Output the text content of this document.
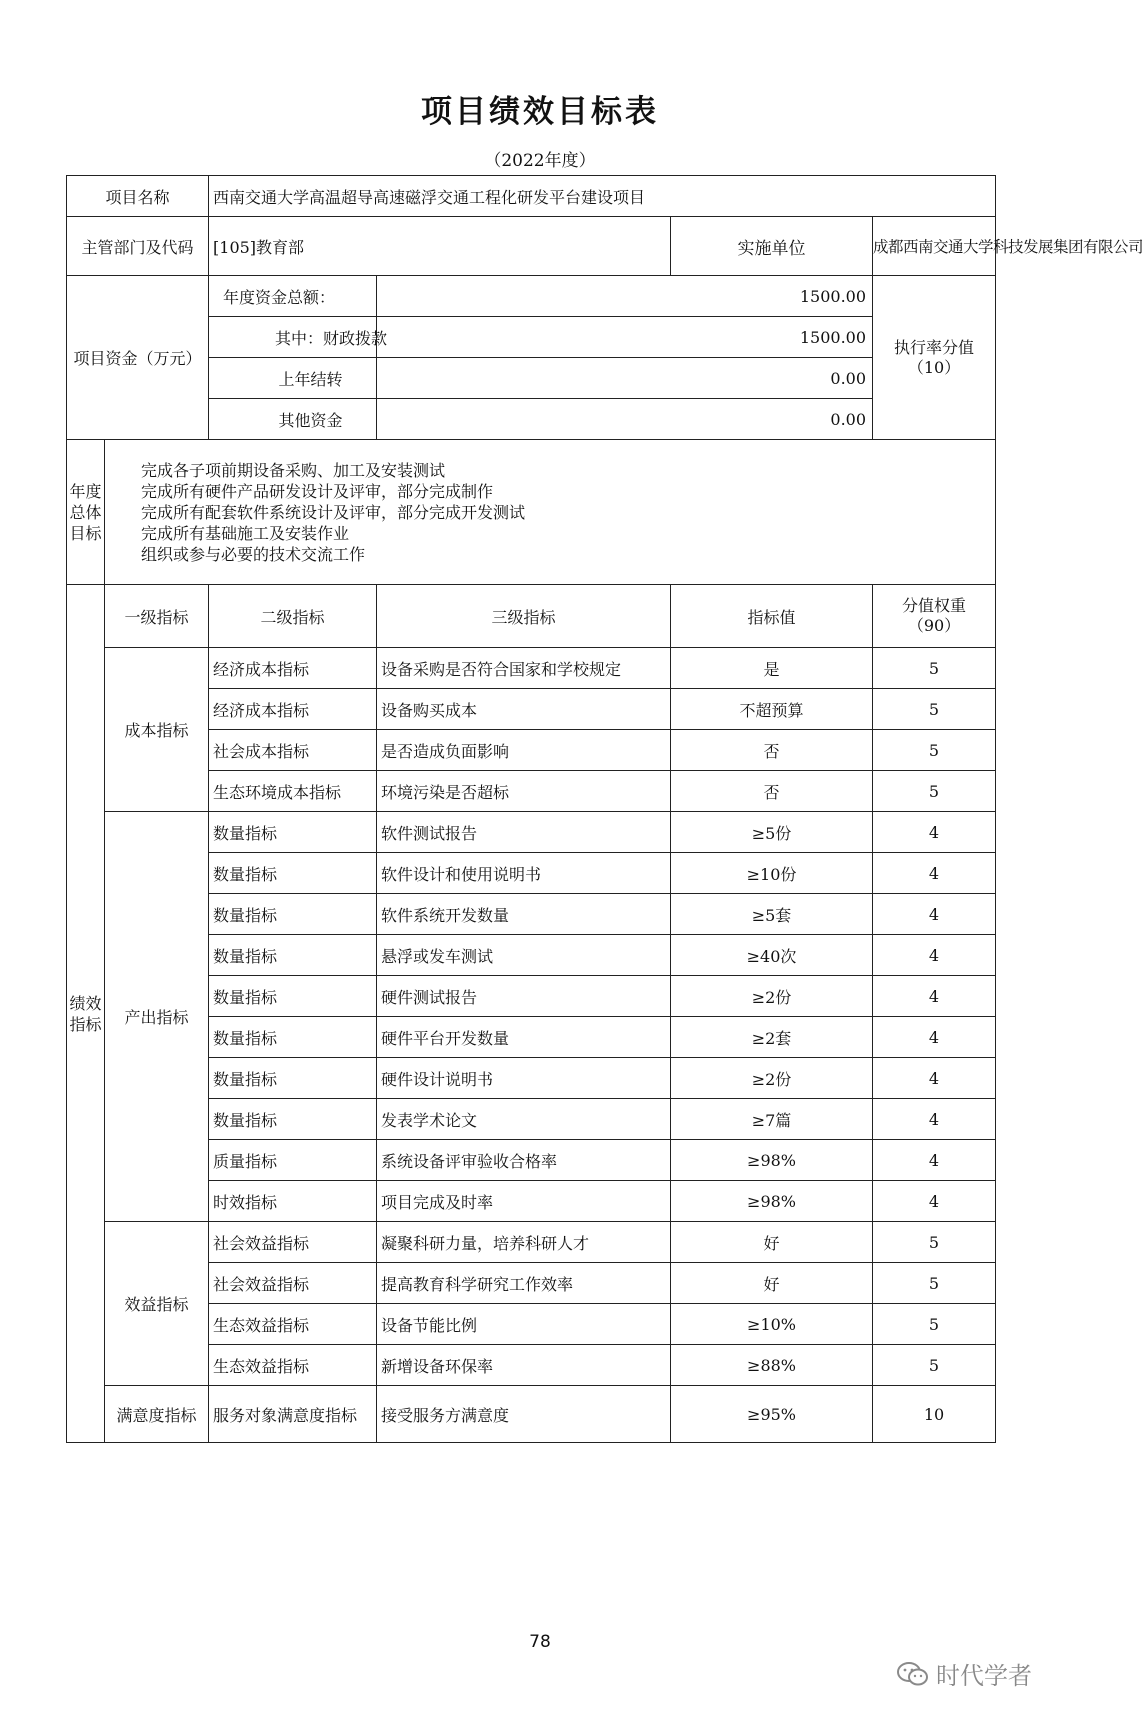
项目绩效目标表
（2022年度）
项目名称		西南交通大学高温超导高速磁浮交通工程化研发平台建设项目			
主管部门及代码		[105]教育部		实施单位	成都西南交通大学科技发展集团有限公司
项目资金（万元）		年度资金总额：	1500.00		执行率分值
（10）
		其中：财政拨款	1500.00		
		上年结转	0.00		
		其他资金	0.00		
年度总体目标	完成各子项前期设备采购、加工及安装测试
完成所有硬件产品研发设计及评审，部分完成制作
完成所有配套软件系统设计及评审，部分完成开发测试
完成所有基础施工及安装作业
组织或参与必要的技术交流工作				

绩效指标	一级指标	二级指标	三级指标	指标值	分值权重
（90）
	成本指标	经济成本指标	设备采购是否符合国家和学校规定	是	5
		经济成本指标	设备购买成本	不超预算	5
		社会成本指标	是否造成负面影响	否	5
		生态环境成本指标	环境污染是否超标	否	5
	产出指标	数量指标	软件测试报告	≥5份	4
		数量指标	软件设计和使用说明书	≥10份	4
		数量指标	软件系统开发数量	≥5套	4
		数量指标	悬浮或发车测试	≥40次	4
		数量指标	硬件测试报告	≥2份	4
		数量指标	硬件平台开发数量	≥2套	4
		数量指标	硬件设计说明书	≥2份	4
		数量指标	发表学术论文	≥7篇	4
		质量指标	系统设备评审验收合格率	≥98%	4
		时效指标	项目完成及时率	≥98%	4
	效益指标	社会效益指标	凝聚科研力量，培养科研人才	好	5
		社会效益指标	提高教育科学研究工作效率	好	5
		生态效益指标	设备节能比例	≥10%	5
		生态效益指标	新增设备环保率	≥88%	5
	满意度指标	服务对象满意度指标	接受服务方满意度	≥95%	10
78
时代学者
